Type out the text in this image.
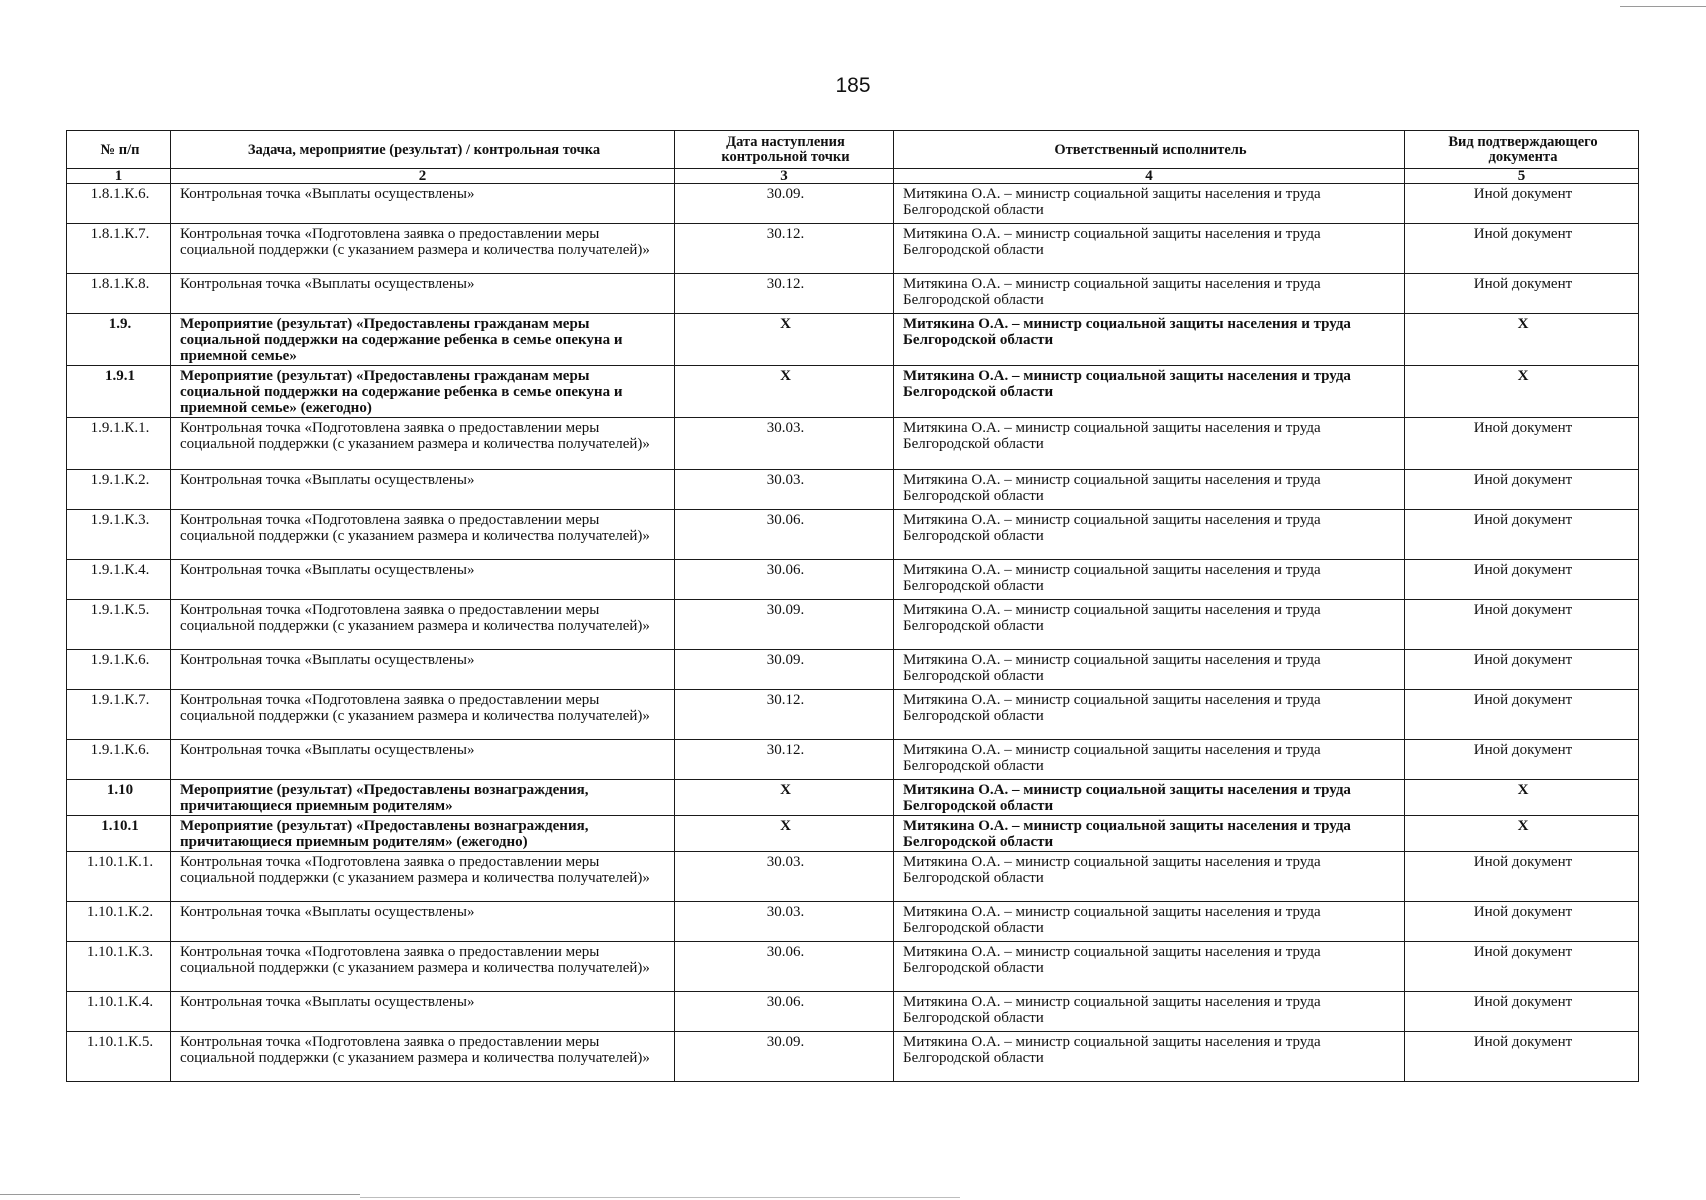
185
№ п/п	Задача, мероприятие (результат) / контрольная точка	Дата наступления контрольной точки	Ответственный исполнитель	Вид подтверждающего документа
1	2	3	4	5
1.8.1.К.6.	Контрольная точка «Выплаты осуществлены»	30.09.	Митякина О.А. – министр социальной защиты населения и труда Белгородской области	Иной документ
1.8.1.К.7.	Контрольная точка «Подготовлена заявка о предоставлении меры социальной поддержки (с указанием размера и количества получателей)»	30.12.	Митякина О.А. – министр социальной защиты населения и труда Белгородской области	Иной документ
1.8.1.К.8.	Контрольная точка «Выплаты осуществлены»	30.12.	Митякина О.А. – министр социальной защиты населения и труда Белгородской области	Иной документ
1.9.	Мероприятие (результат) «Предоставлены гражданам меры социальной поддержки на содержание ребенка в семье опекуна и приемной семье»	X	Митякина О.А. – министр социальной защиты населения и труда Белгородской области	X
1.9.1	Мероприятие (результат) «Предоставлены гражданам меры социальной поддержки на содержание ребенка в семье опекуна и приемной семье» (ежегодно)	X	Митякина О.А. – министр социальной защиты населения и труда Белгородской области	X
1.9.1.К.1.	Контрольная точка «Подготовлена заявка о предоставлении меры социальной поддержки (с указанием размера и количества получателей)»	30.03.	Митякина О.А. – министр социальной защиты населения и труда Белгородской области	Иной документ
1.9.1.К.2.	Контрольная точка «Выплаты осуществлены»	30.03.	Митякина О.А. – министр социальной защиты населения и труда Белгородской области	Иной документ
1.9.1.К.3.	Контрольная точка «Подготовлена заявка о предоставлении меры социальной поддержки (с указанием размера и количества получателей)»	30.06.	Митякина О.А. – министр социальной защиты населения и труда Белгородской области	Иной документ
1.9.1.К.4.	Контрольная точка «Выплаты осуществлены»	30.06.	Митякина О.А. – министр социальной защиты населения и труда Белгородской области	Иной документ
1.9.1.К.5.	Контрольная точка «Подготовлена заявка о предоставлении меры социальной поддержки (с указанием размера и количества получателей)»	30.09.	Митякина О.А. – министр социальной защиты населения и труда Белгородской области	Иной документ
1.9.1.К.6.	Контрольная точка «Выплаты осуществлены»	30.09.	Митякина О.А. – министр социальной защиты населения и труда Белгородской области	Иной документ
1.9.1.К.7.	Контрольная точка «Подготовлена заявка о предоставлении меры социальной поддержки (с указанием размера и количества получателей)»	30.12.	Митякина О.А. – министр социальной защиты населения и труда Белгородской области	Иной документ
1.9.1.К.6.	Контрольная точка «Выплаты осуществлены»	30.12.	Митякина О.А. – министр социальной защиты населения и труда Белгородской области	Иной документ
1.10	Мероприятие (результат) «Предоставлены вознаграждения, причитающиеся приемным родителям»	X	Митякина О.А. – министр социальной защиты населения и труда Белгородской области	X
1.10.1	Мероприятие (результат) «Предоставлены вознаграждения, причитающиеся приемным родителям» (ежегодно)	X	Митякина О.А. – министр социальной защиты населения и труда Белгородской области	X
1.10.1.К.1.	Контрольная точка «Подготовлена заявка о предоставлении меры социальной поддержки (с указанием размера и количества получателей)»	30.03.	Митякина О.А. – министр социальной защиты населения и труда Белгородской области	Иной документ
1.10.1.К.2.	Контрольная точка «Выплаты осуществлены»	30.03.	Митякина О.А. – министр социальной защиты населения и труда Белгородской области	Иной документ
1.10.1.К.3.	Контрольная точка «Подготовлена заявка о предоставлении меры социальной поддержки (с указанием размера и количества получателей)»	30.06.	Митякина О.А. – министр социальной защиты населения и труда Белгородской области	Иной документ
1.10.1.К.4.	Контрольная точка «Выплаты осуществлены»	30.06.	Митякина О.А. – министр социальной защиты населения и труда Белгородской области	Иной документ
1.10.1.К.5.	Контрольная точка «Подготовлена заявка о предоставлении меры социальной поддержки (с указанием размера и количества получателей)»	30.09.	Митякина О.А. – министр социальной защиты населения и труда Белгородской области	Иной документ
